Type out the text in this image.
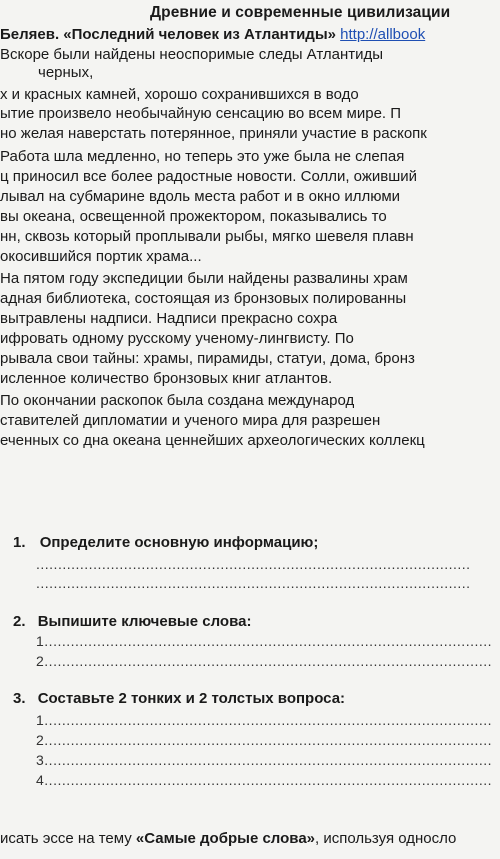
Древние и современные цивилизации
Беляев. «Последний человек из Атлантиды» http://allbook
Вскоре были найдены неоспоримые следы Атлантиды
черных,
х и красных камней, хорошо сохранившихся в водо
ытие произвело необычайную сенсацию во всем мире. П
но желая наверстать потерянное, приняли участие в раскопк
Работа шла медленно, но теперь это уже была не слепая
ц приносил все более радостные новости. Солли, оживший
лывал на субмарине вдоль места работ и в окно иллюми
вы океана, освещенной прожектором, показывались то
нн, сквозь который проплывали рыбы, мягко шевеля плавн
окосившийся портик храма...
На пятом году экспедиции были найдены развалины храм
адная библиотека, состоящая из бронзовых полированны
вытравлены надписи. Надписи прекрасно сохра
ифровать одному русскому ученому-лингвисту. По
рывала свои тайны: храмы, пирамиды, статуи, дома, бронз
исленное количество бронзовых книг атлантов.
По окончании раскопок была создана международ
ставителей дипломатии и ученого мира для разрешен
еченных со дна океана ценнейших археологических коллекц
1. Определите основную информацию;
...................................................................................................
...................................................................................................
2. Выпишите ключевые слова:
1......................................................................................................
2......................................................................................................
3. Составьте 2 тонких и 2 толстых вопроса:
1......................................................................................................
2......................................................................................................
3......................................................................................................
4......................................................................................................
исать эссе на тему «Самые добрые слова», используя односло
